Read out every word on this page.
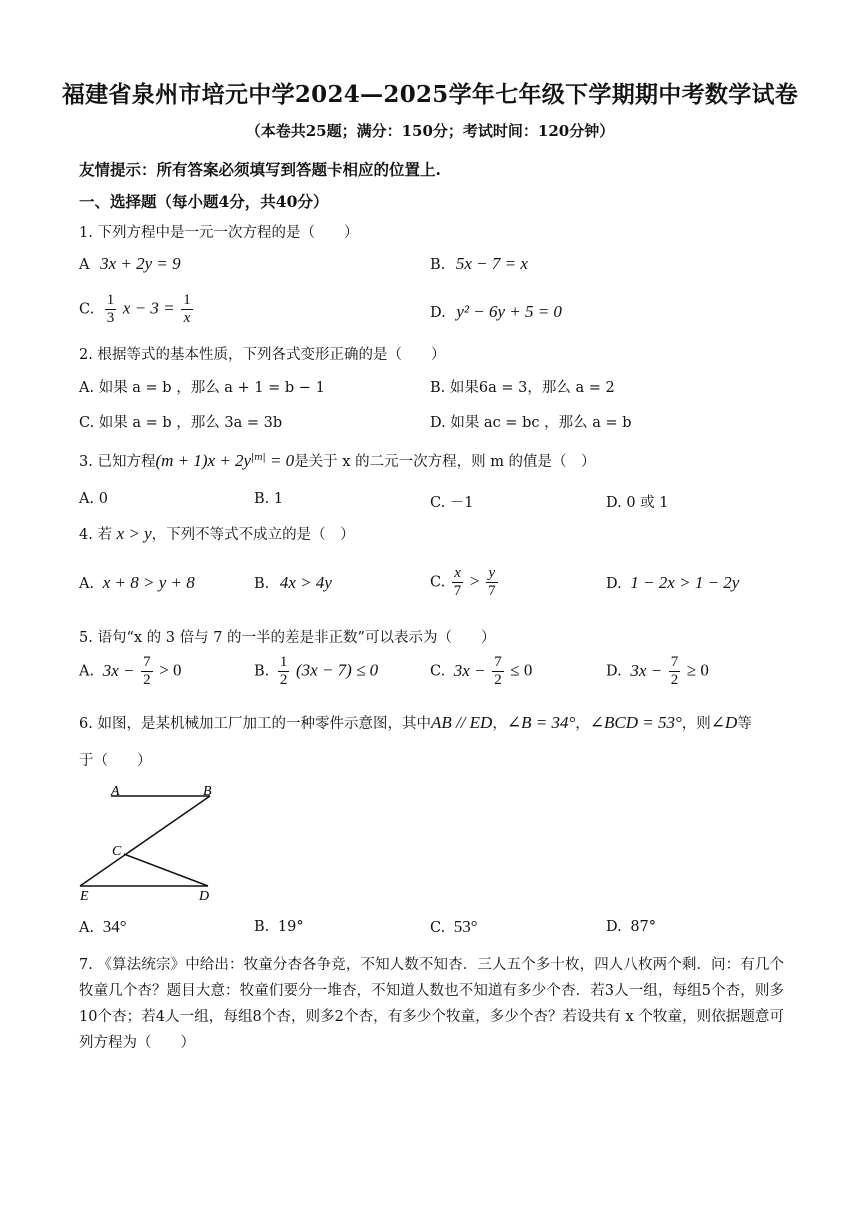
福建省泉州市培元中学2024—2025学年七年级下学期期中考数学试卷
（本卷共25题；满分：150分；考试时间：120分钟）
友情提示：所有答案必须填写到答题卡相应的位置上.
一、选择题（每小题4分，共40分）
1. 下列方程中是一元一次方程的是（　　）
A 3x + 2y = 9	B. 5x − 7 = x
C. $\frac{1}{3}$ $x - 3 = \frac{1}{x}$	D. y² − 6y + 5 = 0
2. 根据等式的基本性质，下列各式变形正确的是（　　）
A. 如果 a = b ，那么 a + 1 = b − 1	B. 如果6a = 3，那么 a = 2
C. 如果 a = b ，那么 3a = 3b	D. 如果 ac = bc ，那么 a = b
3. 已知方程$(m + 1)x + 2y^{|m|} = 0$是关于 x 的二元一次方程，则 m 的值是（　）
A. 0	B. 1	C. －1	D. 0 或 1
4. 若 x > y，下列不等式不成立的是（　）
A. x + 8 > y + 8	B. 4x > 4y	C. $\frac{x}{7} > \frac{y}{7}$	D. 1 − 2x > 1 − 2y
5. 语句“x 的 3 倍与 7 的一半的差是非正数”可以表示为（　　）
A. $3x - \frac{7}{2} > 0$	B. $\frac{1}{2} (3x - 7) \le 0$	C. $3x - \frac{7}{2} \le 0$	D. $3x - \frac{7}{2} \ge 0$
6. 如图，是某机械加工厂加工的一种零件示意图，其中AB // ED，∠B = 34°，∠BCD = 53°，则∠D等
于（　　）
A	B
C
E	D
A. 34°	B. 19°	C. 53°	D. 87°
7. 《算法统宗》中给出：牧童分杏各争竞，不知人数不知杏．三人五个多十枚，四人八枚两个剩．问：有几个牧童几个杏？题目大意：牧童们要分一堆杏，不知道人数也不知道有多少个杏．若3人一组，每组5个杏，则多10个杏；若4人一组，每组8个杏，则多2个杏，有多少个牧童，多少个杏？若设共有 x 个牧童，则依据题意可列方程为（　　）
